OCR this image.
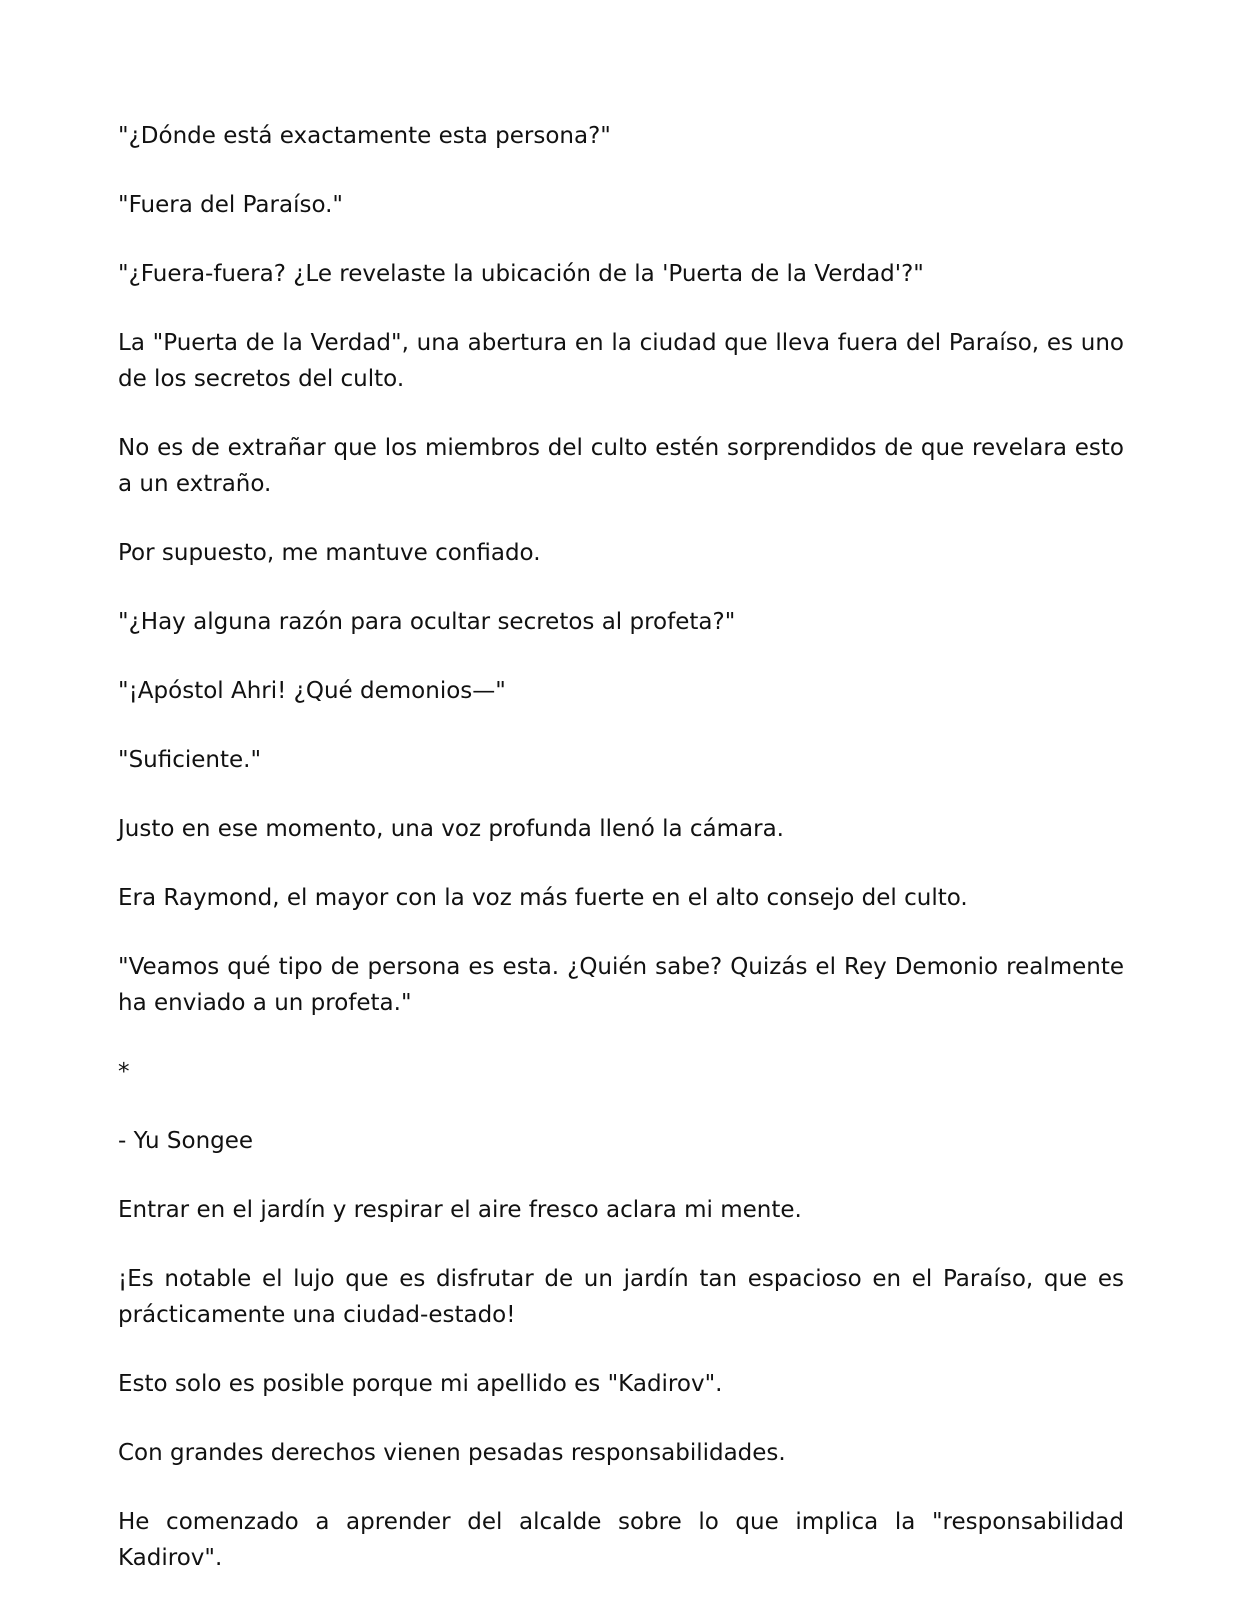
"¿Dónde está exactamente esta persona?"

"Fuera del Paraíso."

"¿Fuera-fuera? ¿Le revelaste la ubicación de la 'Puerta de la Verdad'?"

La "Puerta de la Verdad", una abertura en la ciudad que lleva fuera del Paraíso, es uno de los secretos del culto.

No es de extrañar que los miembros del culto estén sorprendidos de que revelara esto a un extraño.

Por supuesto, me mantuve confiado.

"¿Hay alguna razón para ocultar secretos al profeta?"

"¡Apóstol Ahri! ¿Qué demonios—"

"Suficiente."

Justo en ese momento, una voz profunda llenó la cámara.

Era Raymond, el mayor con la voz más fuerte en el alto consejo del culto.

"Veamos qué tipo de persona es esta. ¿Quién sabe? Quizás el Rey Demonio realmente ha enviado a un profeta."

*

- Yu Songee

Entrar en el jardín y respirar el aire fresco aclara mi mente.

¡Es notable el lujo que es disfrutar de un jardín tan espacioso en el Paraíso, que es prácticamente una ciudad-estado!

Esto solo es posible porque mi apellido es "Kadirov".

Con grandes derechos vienen pesadas responsabilidades.

He comenzado a aprender del alcalde sobre lo que implica la "responsabilidad Kadirov".
